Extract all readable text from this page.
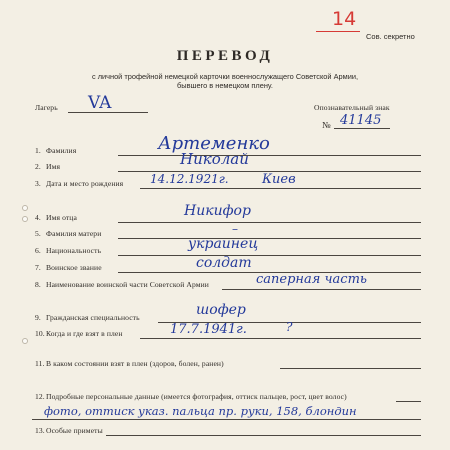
14
Сов. секретно
ПЕРЕВОД
с личной трофейной немецкой карточки военнослужащего Советской Армии,
бывшего в немецком плену.
Лагерь VA	Опознавательный знак
№ 41145
1. Фамилия	Артеменко
2. Имя	Николай
3. Дата и место рождения 14.12.1921г.	Киев
4. Имя отца	Никифор
5. Фамилия матери	–
6. Национальность	украинец
7. Воинское звание	солдат
8. Наименование воинской части Советской Армии	саперная часть
9. Гражданская специальность	шофер
10. Когда и где взят в плен	17.7.1941г.	?
11. В каком состоянии взят в плен (здоров, болен, ранен)
12. Подробные персональные данные (имеется фотография, оттиск пальцев, рост, цвет волос)
фото, оттиск указ. пальца пр. руки, 158, блондин
13. Особые приметы
